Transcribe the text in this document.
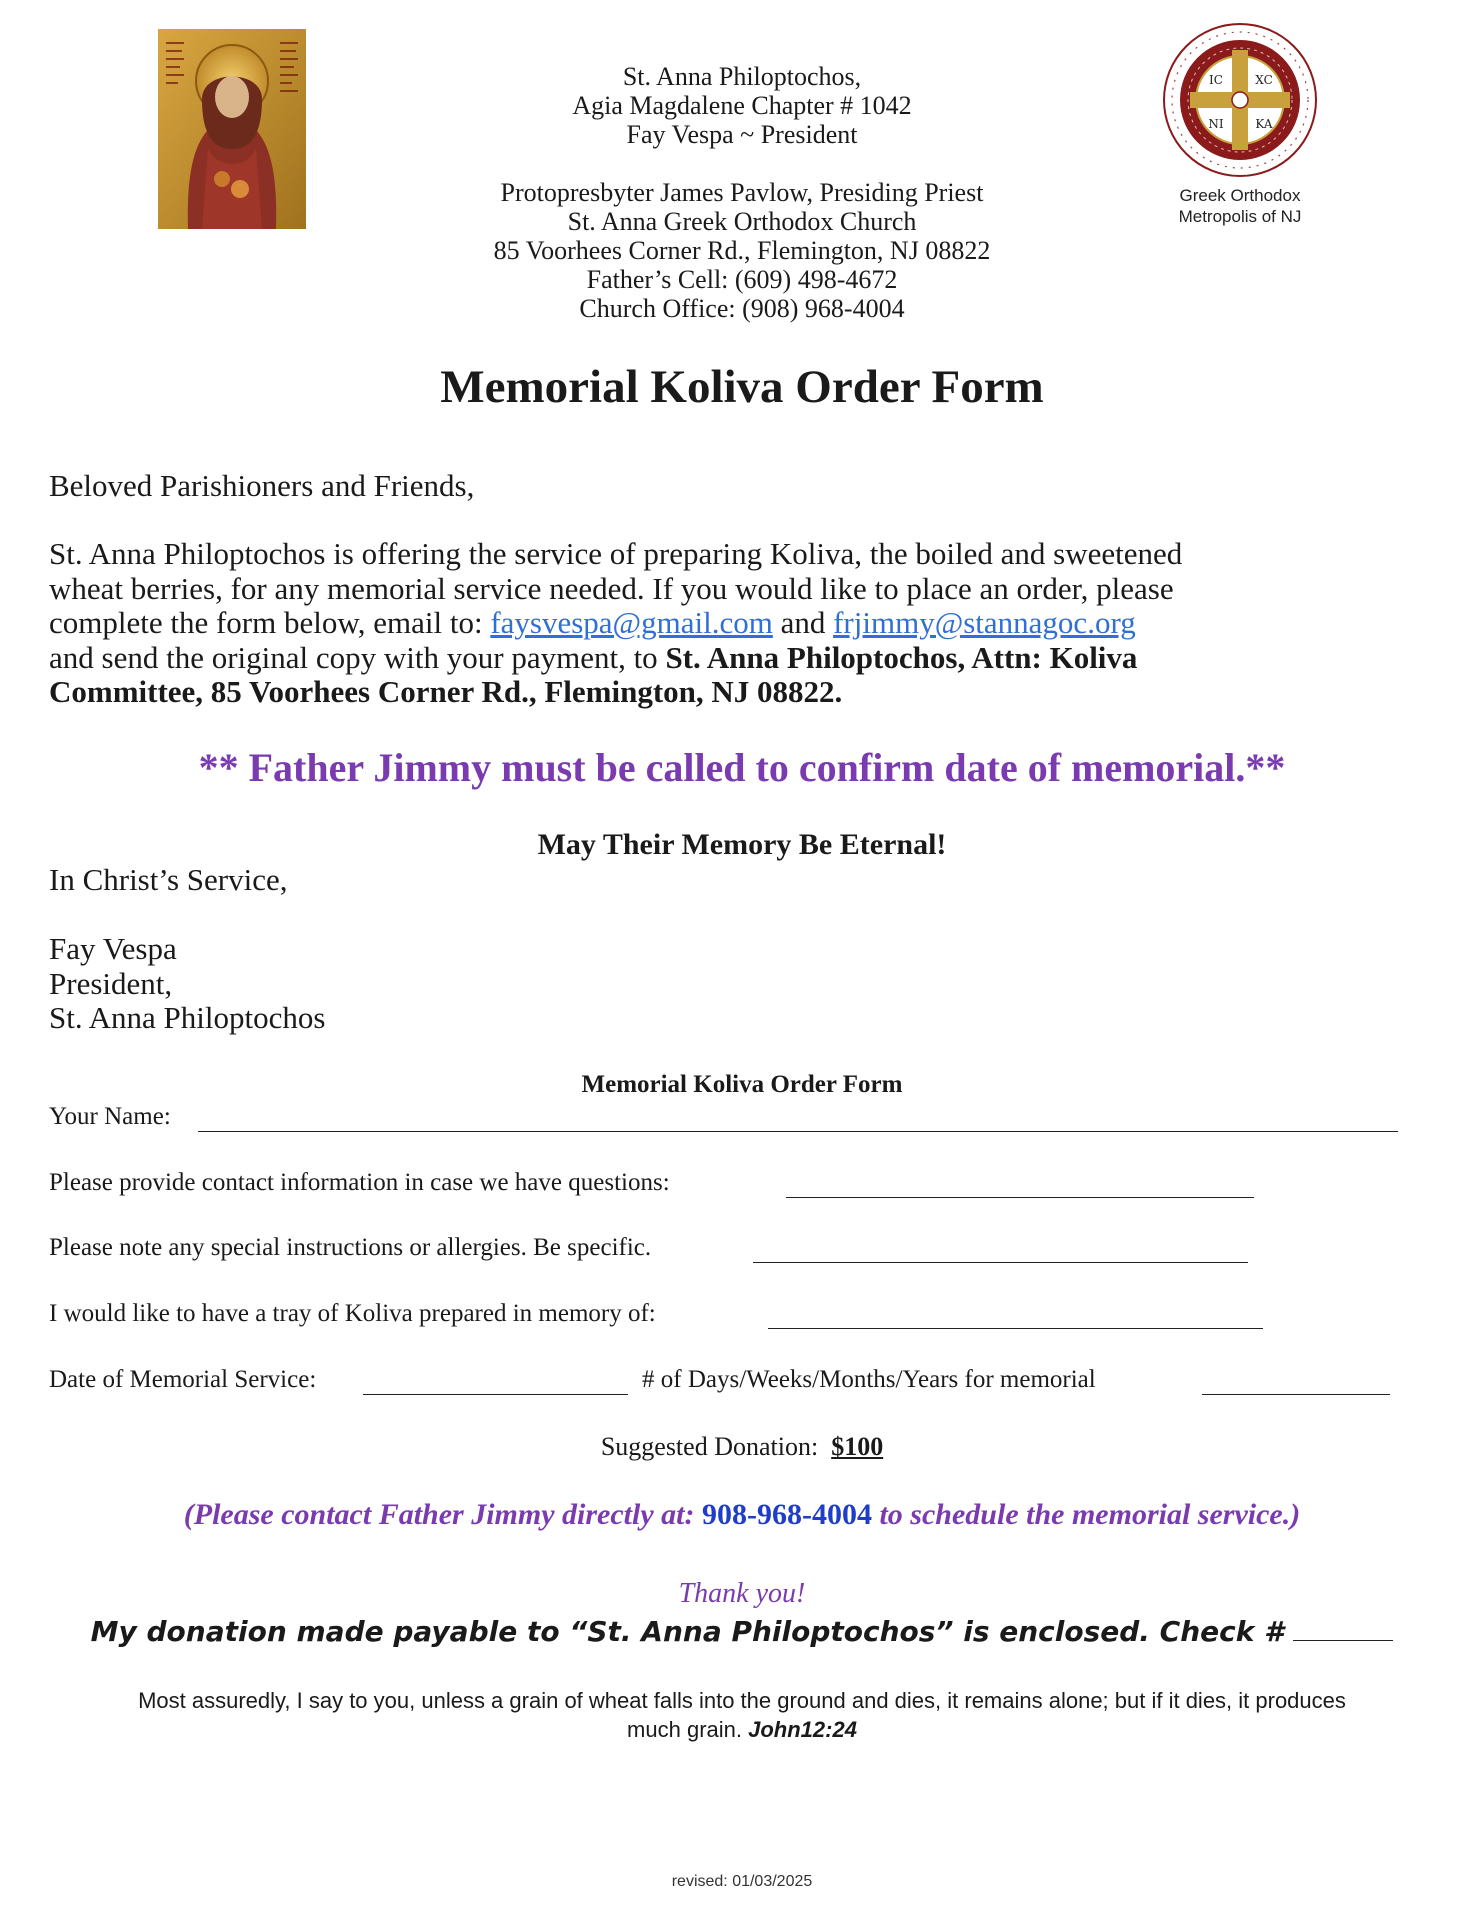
St. Anna Philoptochos,
Agia Magdalene Chapter # 1042
Fay Vespa ~ President
Protopresbyter James Pavlow, Presiding Priest
St. Anna Greek Orthodox Church
85 Voorhees Corner Rd., Flemington, NJ 08822
Father’s Cell: (609) 498-4672
Church Office: (908) 968-4004
IC	XC
NI	KA
Greek Orthodox
Metropolis of NJ
Memorial Koliva Order Form
Beloved Parishioners and Friends,
St. Anna Philoptochos is offering the service of preparing Koliva, the boiled and sweetened
wheat berries, for any memorial service needed. If you would like to place an order, please
complete the form below, email to: faysvespa@gmail.com and frjimmy@stannagoc.org
and send the original copy with your payment, to St. Anna Philoptochos, Attn: Koliva
Committee, 85 Voorhees Corner Rd., Flemington, NJ 08822.
** Father Jimmy must be called to confirm date of memorial.**
May Their Memory Be Eternal!
In Christ’s Service,
Fay Vespa
President,
St. Anna Philoptochos
Memorial Koliva Order Form
Your Name:
Please provide contact information in case we have questions:
Please note any special instructions or allergies. Be specific.
I would like to have a tray of Koliva prepared in memory of:
Date of Memorial Service:	# of Days/Weeks/Months/Years for memorial
Suggested Donation: $100
(Please contact Father Jimmy directly at: 908-968-4004 to schedule the memorial service.)
Thank you!
My donation made payable to “St. Anna Philoptochos” is enclosed. Check #
Most assuredly, I say to you, unless a grain of wheat falls into the ground and dies, it remains alone; but if it dies, it produces
much grain. John12:24
revised: 01/03/2025
